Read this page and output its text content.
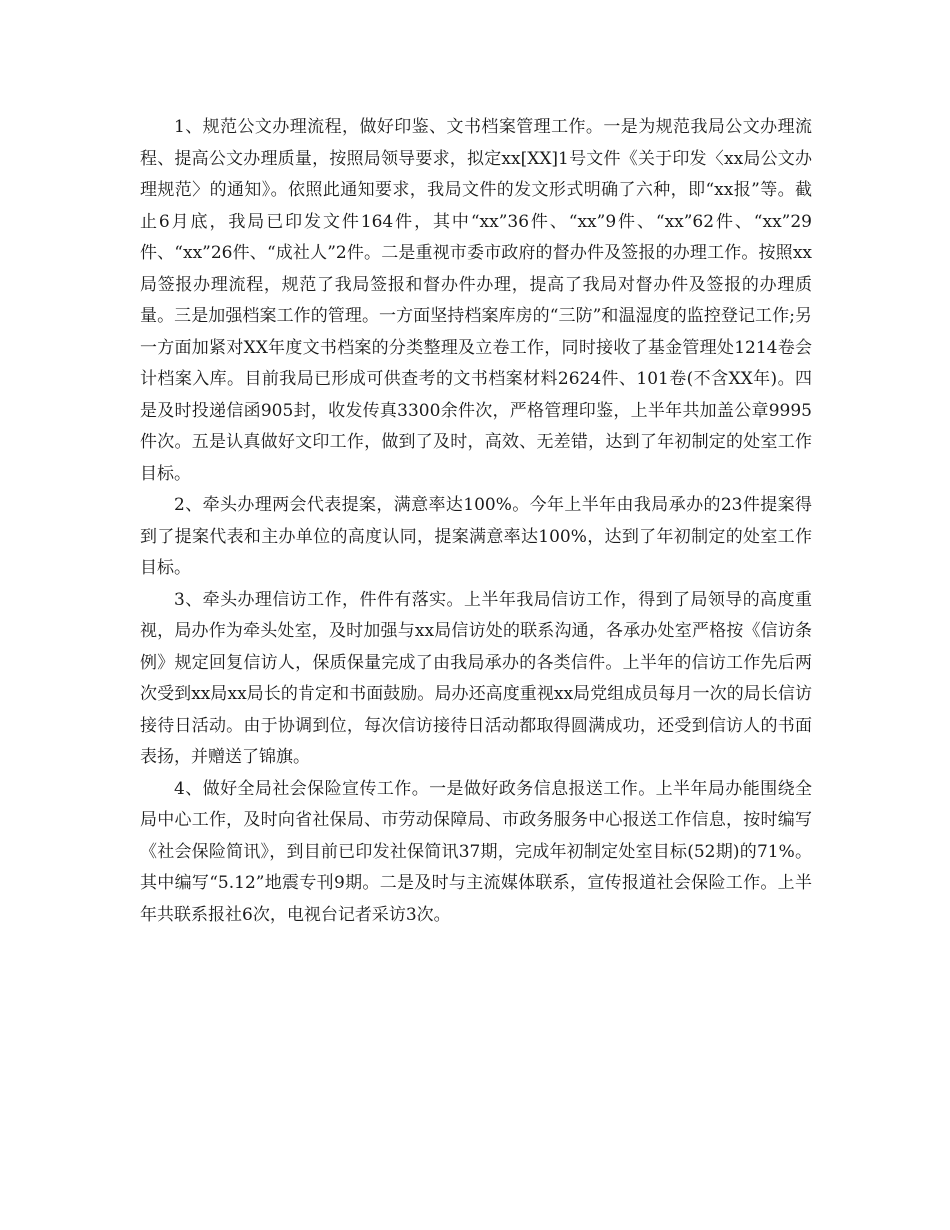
1、规范公文办理流程，做好印鉴、文书档案管理工作。一是为规范我局公文办理流程、提高公文办理质量，按照局领导要求，拟定xx[XX]1号文件《关于印发〈xx局公文办理规范〉的通知》。依照此通知要求，我局文件的发文形式明确了六种，即“xx报”等。截止6月底，我局已印发文件164件，其中“xx”36件、“xx”9件、“xx”62件、“xx”29件、“xx”26件、“成社人”2件。二是重视市委市政府的督办件及签报的办理工作。按照xx局签报办理流程，规范了我局签报和督办件办理，提高了我局对督办件及签报的办理质量。三是加强档案工作的管理。一方面坚持档案库房的“三防”和温湿度的监控登记工作;另一方面加紧对XX年度文书档案的分类整理及立卷工作，同时接收了基金管理处1214卷会计档案入库。目前我局已形成可供查考的文书档案材料2624件、101卷(不含XX年)。四是及时投递信函905封，收发传真3300余件次，严格管理印鉴，上半年共加盖公章9995件次。五是认真做好文印工作，做到了及时，高效、无差错，达到了年初制定的处室工作目标。

2、牵头办理两会代表提案，满意率达100%。今年上半年由我局承办的23件提案得到了提案代表和主办单位的高度认同，提案满意率达100%，达到了年初制定的处室工作目标。

3、牵头办理信访工作，件件有落实。上半年我局信访工作，得到了局领导的高度重视，局办作为牵头处室，及时加强与xx局信访处的联系沟通，各承办处室严格按《信访条例》规定回复信访人，保质保量完成了由我局承办的各类信件。上半年的信访工作先后两次受到xx局xx局长的肯定和书面鼓励。局办还高度重视xx局党组成员每月一次的局长信访接待日活动。由于协调到位，每次信访接待日活动都取得圆满成功，还受到信访人的书面表扬，并赠送了锦旗。

4、做好全局社会保险宣传工作。一是做好政务信息报送工作。上半年局办能围绕全局中心工作，及时向省社保局、市劳动保障局、市政务服务中心报送工作信息，按时编写《社会保险简讯》，到目前已印发社保简讯37期，完成年初制定处室目标(52期)的71%。其中编写“5.12”地震专刊9期。二是及时与主流媒体联系，宣传报道社会保险工作。上半年共联系报社6次，电视台记者采访3次。
